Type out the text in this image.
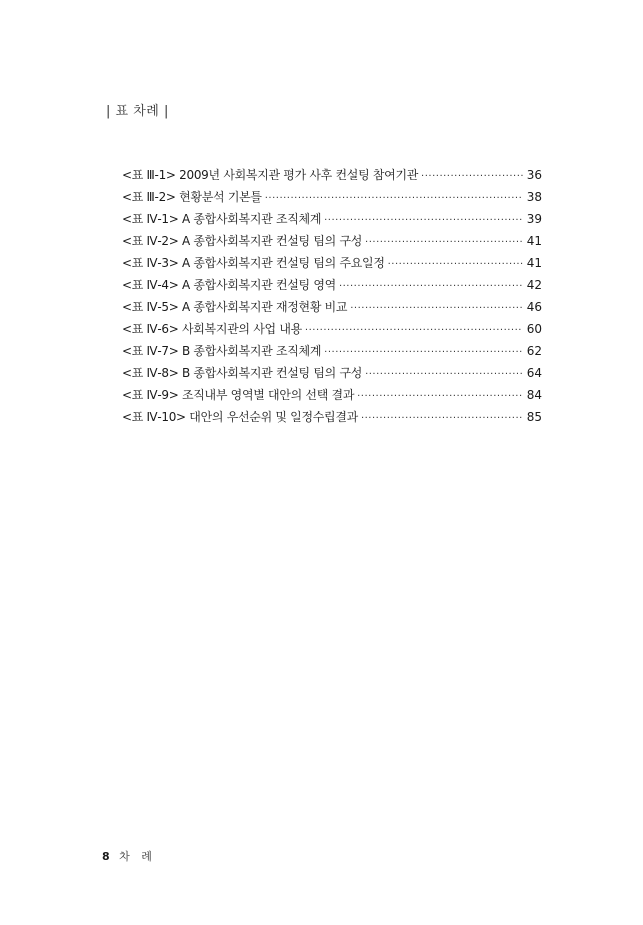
| 표 차례 |
<표 Ⅲ-1> 2009년 사회복지관 평가 사후 컨설팅 참여기관 ·····	36
<표 Ⅲ-2> 현황분석 기본틀 ·····	38
<표 Ⅳ-1> A 종합사회복지관 조직체계 ·····	39
<표 Ⅳ-2> A 종합사회복지관 컨설팅 팀의 구성 ·····	41
<표 Ⅳ-3> A 종합사회복지관 컨설팅 팀의 주요일정 ·····	41
<표 Ⅳ-4> A 종합사회복지관 컨설팅 영역 ·····	42
<표 Ⅳ-5> A 종합사회복지관 재정현황 비교 ·····	46
<표 Ⅳ-6> 사회복지관의 사업 내용 ·····	60
<표 Ⅳ-7> B 종합사회복지관 조직체계 ·····	62
<표 Ⅳ-8> B 종합사회복지관 컨설팅 팀의 구성 ·····	64
<표 Ⅳ-9> 조직내부 영역별 대안의 선택 결과 ·····	84
<표 Ⅳ-10> 대안의 우선순위 및 일정수립결과 ·····	85
8 차 례
